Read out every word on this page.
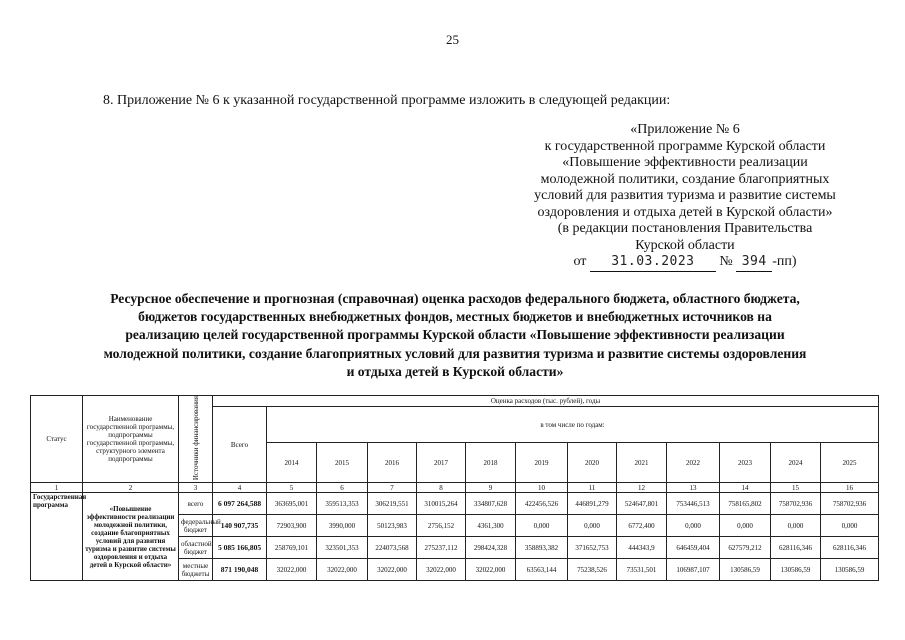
25
8. Приложение № 6 к указанной государственной программе изложить в следующей редакции:
«Приложение № 6
к государственной программе Курской области
«Повышение эффективности реализации
молодежной политики, создание благоприятных
условий для развития туризма и развитие системы
оздоровления и отдыха детей в Курской области»
(в редакции постановления Правительства
Курской области
от 31.03.2023 № 394 -пп)
Ресурсное обеспечение и прогнозная (справочная) оценка расходов федерального бюджета, областного бюджета,
бюджетов государственных внебюджетных фондов, местных бюджетов и внебюджетных источников на
реализацию целей государственной программы Курской области «Повышение эффективности реализации
молодежной политики, создание благоприятных условий для развития туризма и развитие системы оздоровления
и отдыха детей в Курской области»
Статус	Наименование государственной программы, подпрограммы государственной программы, структурного элемента подпрограммы	Источники финансирования	Оценка расходов (тыс. рублей), годы												
			Всего	в том числе по годам:											
				2014	2015	2016	2017	2018	2019	2020	2021	2022	2023	2024	2025
1	2	3	4	5	6	7	8	9	10	11	12	13	14	15	16
Государственная программа	«Повышение эффективности реализации молодежной политики, создание благоприятных условий для развития туризма и развитие системы оздоровления и отдыха детей в Курской области»	всего	6 097 264,588	363695,001	359513,353	306219,551	310015,264	334807,628	422456,526	446891,279	524647,801	753446,513	758165,802	758702,936	758702,936
		федеральный бюджет	140 907,735	72903,900	3990,000	50123,983	2756,152	4361,300	0,000	0,000	6772,400	0,000	0,000	0,000	0,000
		областной бюджет	5 085 166,805	258769,101	323501,353	224073,568	275237,112	298424,328	358893,382	371652,753	444343,9	646459,404	627579,212	628116,346	628116,346
		местные бюджеты	871 190,048	32022,000	32022,000	32022,000	32022,000	32022,000	63563,144	75238,526	73531,501	106987,107	130586,59	130586,59	130586,59
